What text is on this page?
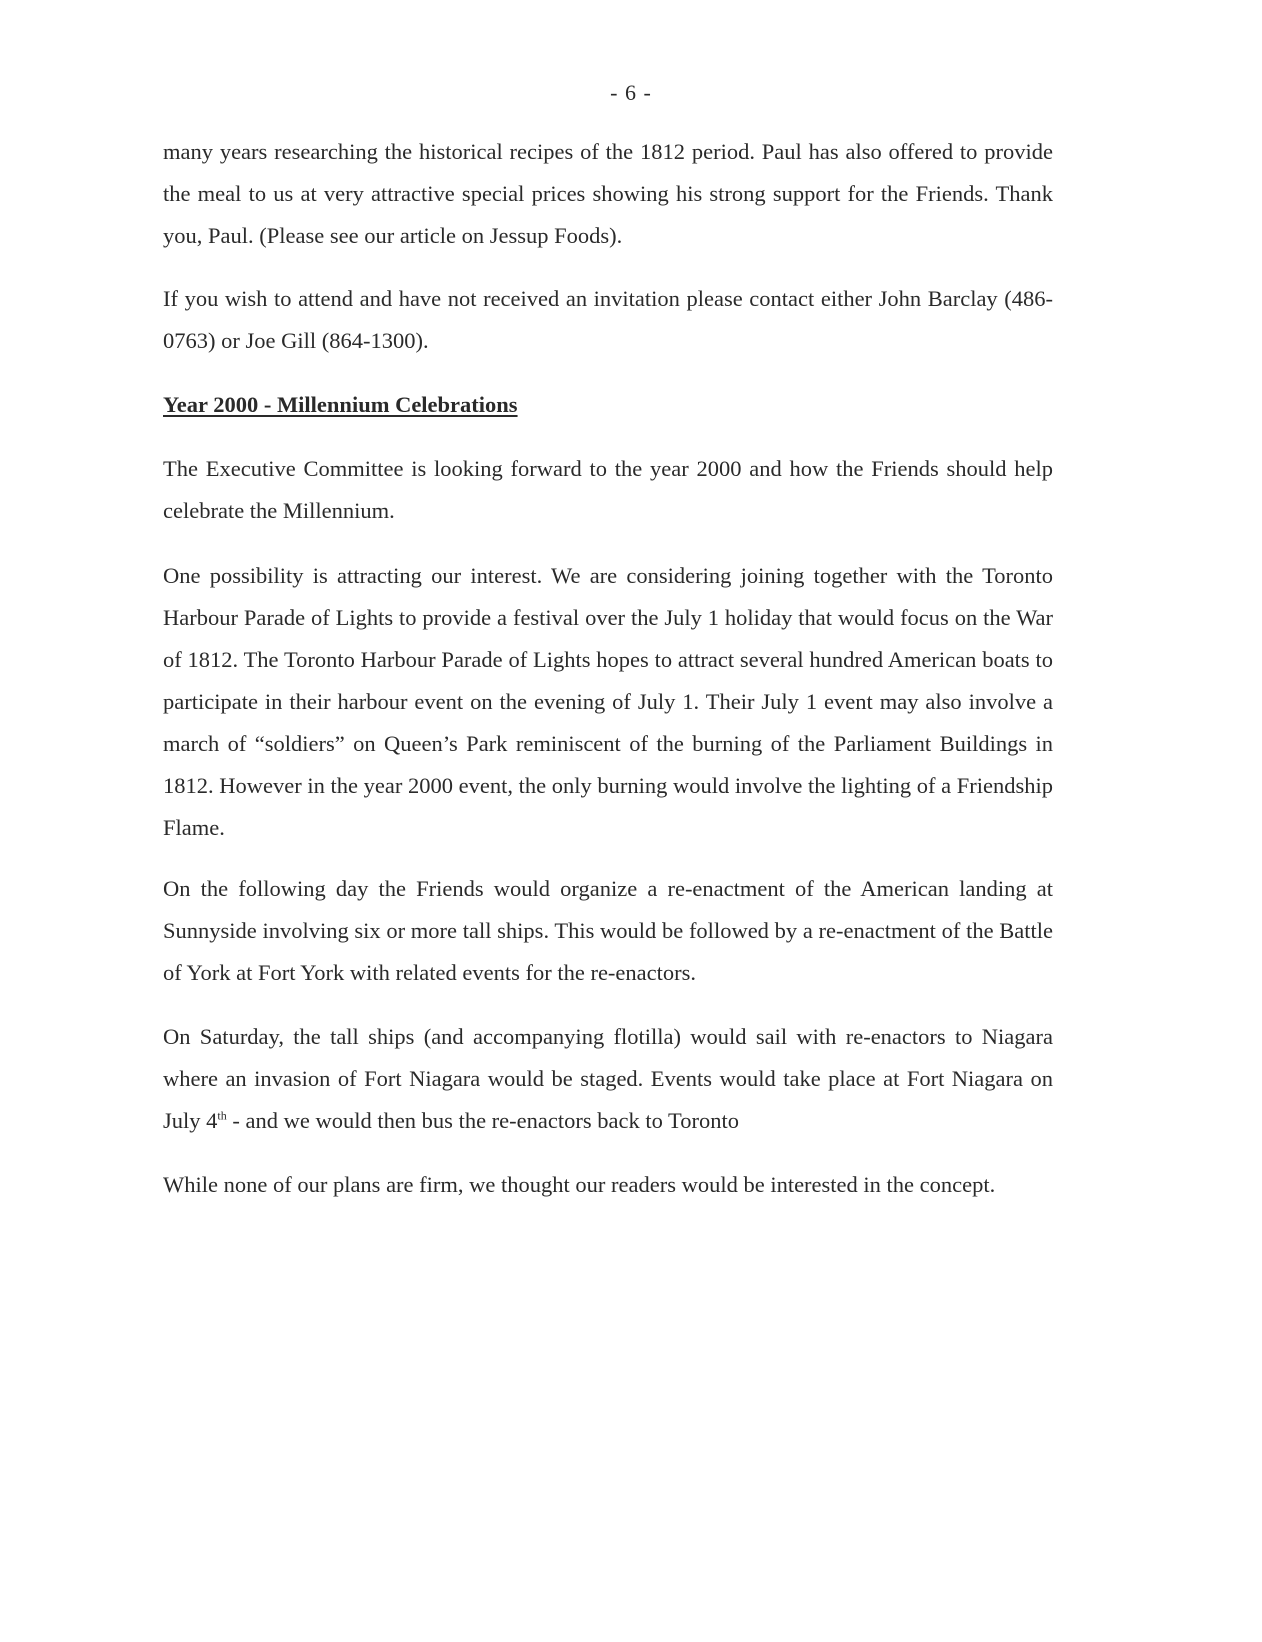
- 6 -
many years researching the historical recipes of the 1812 period. Paul has also offered to provide the meal to us at very attractive special prices showing his strong support for the Friends. Thank you, Paul. (Please see our article on Jessup Foods).
If you wish to attend and have not received an invitation please contact either John Barclay (486-0763) or Joe Gill (864-1300).
Year 2000 - Millennium Celebrations
The Executive Committee is looking forward to the year 2000 and how the Friends should help celebrate the Millennium.
One possibility is attracting our interest. We are considering joining together with the Toronto Harbour Parade of Lights to provide a festival over the July 1 holiday that would focus on the War of 1812. The Toronto Harbour Parade of Lights hopes to attract several hundred American boats to participate in their harbour event on the evening of July 1. Their July 1 event may also involve a march of “soldiers” on Queen’s Park reminiscent of the burning of the Parliament Buildings in 1812. However in the year 2000 event, the only burning would involve the lighting of a Friendship Flame.
On the following day the Friends would organize a re-enactment of the American landing at Sunnyside involving six or more tall ships. This would be followed by a re-enactment of the Battle of York at Fort York with related events for the re-enactors.
On Saturday, the tall ships (and accompanying flotilla) would sail with re-enactors to Niagara where an invasion of Fort Niagara would be staged. Events would take place at Fort Niagara on July 4th - and we would then bus the re-enactors back to Toronto
While none of our plans are firm, we thought our readers would be interested in the concept.
